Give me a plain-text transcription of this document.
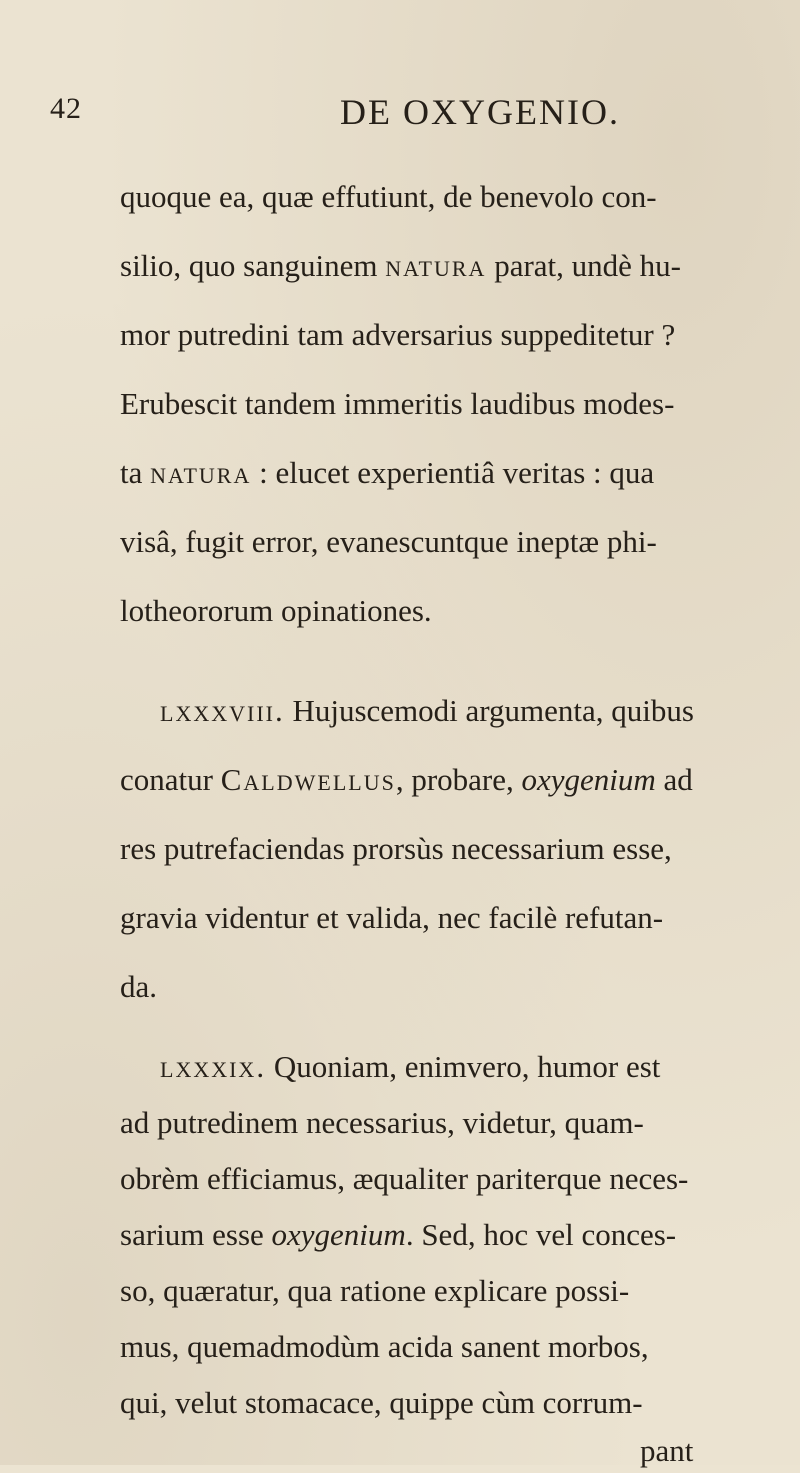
42	DE OXYGENIO.
quoque ea, quæ effutiunt, de benevolo con-
silio, quo sanguinem natura parat, undè hu-
mor putredini tam adversarius suppeditetur ?
Erubescit tandem immeritis laudibus modes-
ta natura : elucet experientiâ veritas : qua
visâ, fugit error, evanescuntque ineptæ phi-
lotheororum opinationes.
lxxxviii. Hujuscemodi argumenta, quibus
conatur Caldwellus, probare, oxygenium ad
res putrefaciendas prorsùs necessarium esse,
gravia videntur et valida, nec facilè refutan-
da.
lxxxix. Quoniam, enimvero, humor est
ad putredinem necessarius, videtur, quam-
obrèm efficiamus, æqualiter pariterque neces-
sarium esse oxygenium. Sed, hoc vel conces-
so, quæratur, qua ratione explicare possi-
mus, quemadmodùm acida sanent morbos,
qui, velut stomacace, quippe cùm corrum-
pant
